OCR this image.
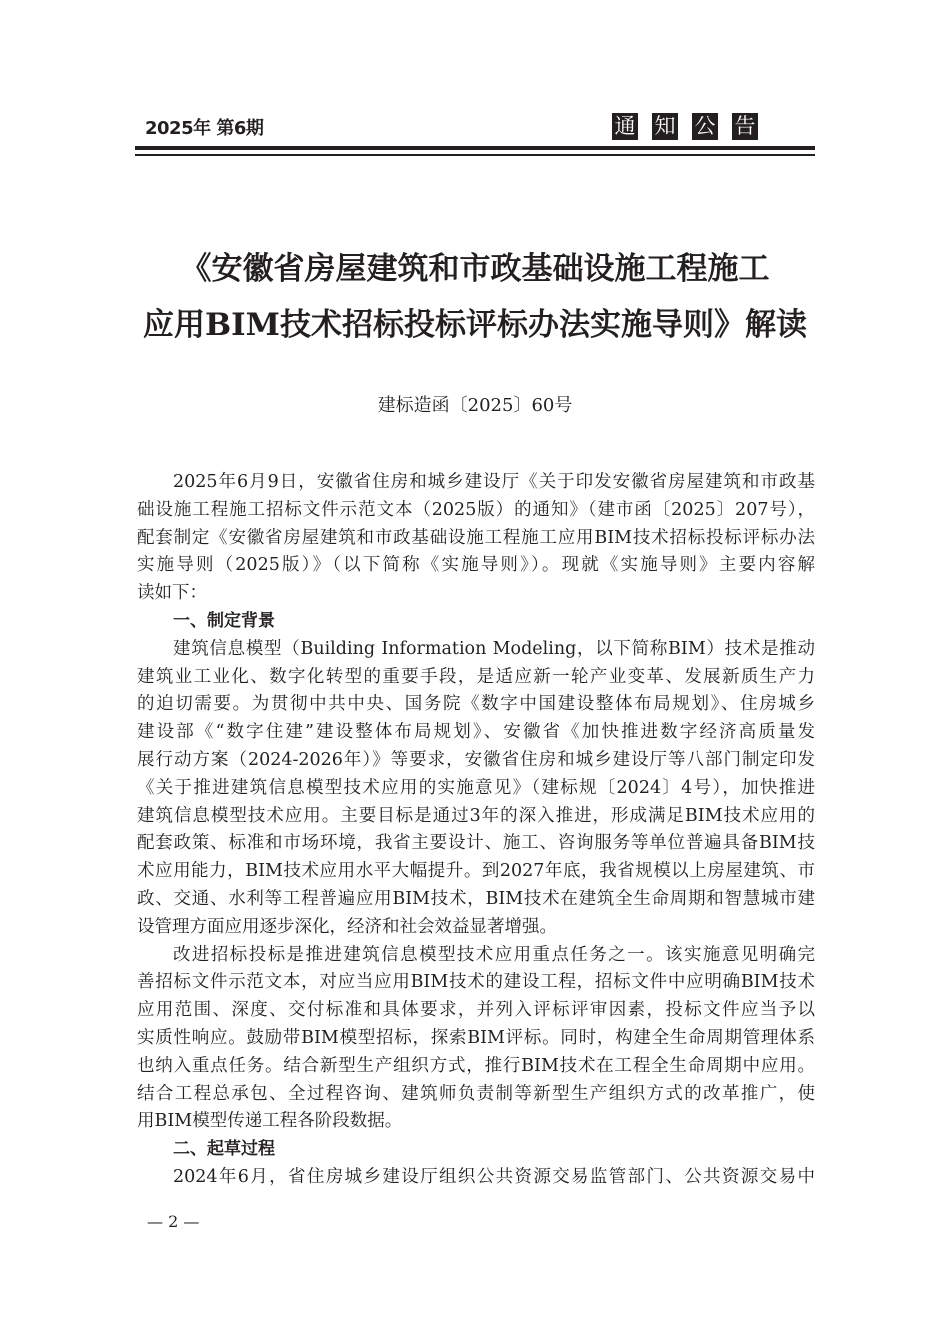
2025年 第6期	通 知 公 告
《安徽省房屋建筑和市政基础设施工程施工
应用BIM技术招标投标评标办法实施导则》解读
建标造函〔2025〕60号
2025年6月9日，安徽省住房和城乡建设厅《关于印发安徽省房屋建筑和市政基
础设施工程施工招标文件示范文本（2025版）的通知》（建市函〔2025〕207号），
配套制定《安徽省房屋建筑和市政基础设施工程施工应用BIM技术招标投标评标办法
实施导则（2025版）》（以下简称《实施导则》）。现就《实施导则》主要内容解
读如下：
一、制定背景
建筑信息模型（Building Information Modeling，以下简称BIM）技术是推动
建筑业工业化、数字化转型的重要手段，是适应新一轮产业变革、发展新质生产力
的迫切需要。为贯彻中共中央、国务院《数字中国建设整体布局规划》、住房城乡
建设部《“数字住建”建设整体布局规划》、安徽省《加快推进数字经济高质量发
展行动方案（2024-2026年）》等要求，安徽省住房和城乡建设厅等八部门制定印发
《关于推进建筑信息模型技术应用的实施意见》（建标规〔2024〕4号），加快推进
建筑信息模型技术应用。主要目标是通过3年的深入推进，形成满足BIM技术应用的
配套政策、标准和市场环境，我省主要设计、施工、咨询服务等单位普遍具备BIM技
术应用能力，BIM技术应用水平大幅提升。到2027年底，我省规模以上房屋建筑、市
政、交通、水利等工程普遍应用BIM技术，BIM技术在建筑全生命周期和智慧城市建
设管理方面应用逐步深化，经济和社会效益显著增强。
改进招标投标是推进建筑信息模型技术应用重点任务之一。该实施意见明确完
善招标文件示范文本，对应当应用BIM技术的建设工程，招标文件中应明确BIM技术
应用范围、深度、交付标准和具体要求，并列入评标评审因素，投标文件应当予以
实质性响应。鼓励带BIM模型招标，探索BIM评标。同时，构建全生命周期管理体系
也纳入重点任务。结合新型生产组织方式，推行BIM技术在工程全生命周期中应用。
结合工程总承包、全过程咨询、建筑师负责制等新型生产组织方式的改革推广，使
用BIM模型传递工程各阶段数据。
二、起草过程
2024年6月，省住房城乡建设厅组织公共资源交易监管部门、公共资源交易中
— 2 —
